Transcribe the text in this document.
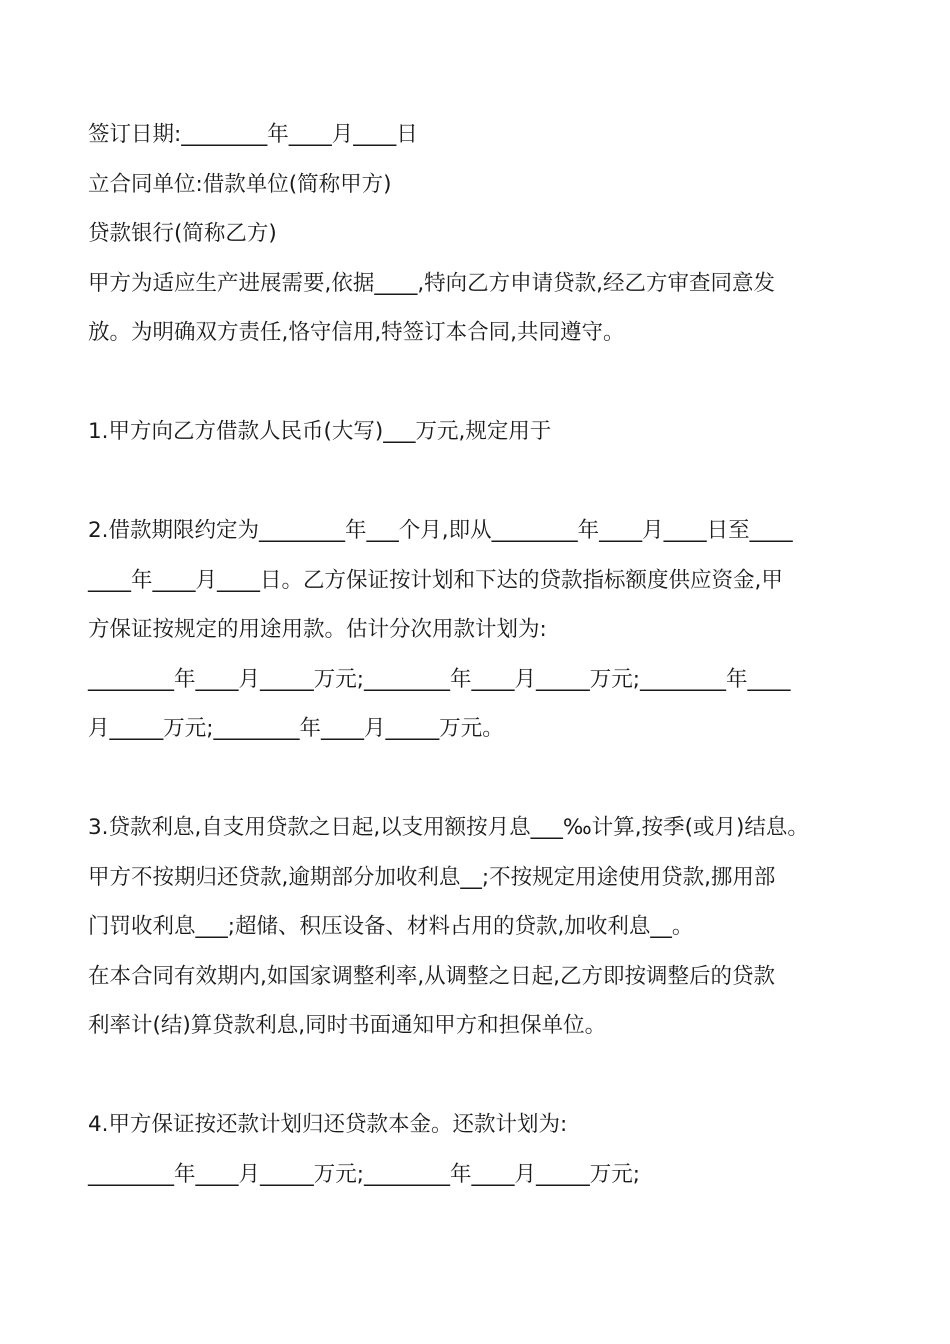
签订日期:________年____月____日

立合同单位:借款单位(简称甲方)

贷款银行(简称乙方)

甲方为适应生产进展需要,依据____,特向乙方申请贷款,经乙方审查同意发

放。为明确双方责任,恪守信用,特签订本合同,共同遵守。

1.甲方向乙方借款人民币(大写)___万元,规定用于

2.借款期限约定为________年___个月,即从________年____月____日至____

____年____月____日。乙方保证按计划和下达的贷款指标额度供应资金,甲

方保证按规定的用途用款。估计分次用款计划为:

________年____月_____万元;________年____月_____万元;________年____

月_____万元;________年____月_____万元。

3.贷款利息,自支用贷款之日起,以支用额按月息___‰计算,按季(或月)结息。

甲方不按期归还贷款,逾期部分加收利息__;不按规定用途使用贷款,挪用部

门罚收利息___;超储、积压设备、材料占用的贷款,加收利息__。

在本合同有效期内,如国家调整利率,从调整之日起,乙方即按调整后的贷款

利率计(结)算贷款利息,同时书面通知甲方和担保单位。

4.甲方保证按还款计划归还贷款本金。还款计划为:

________年____月_____万元;________年____月_____万元;
